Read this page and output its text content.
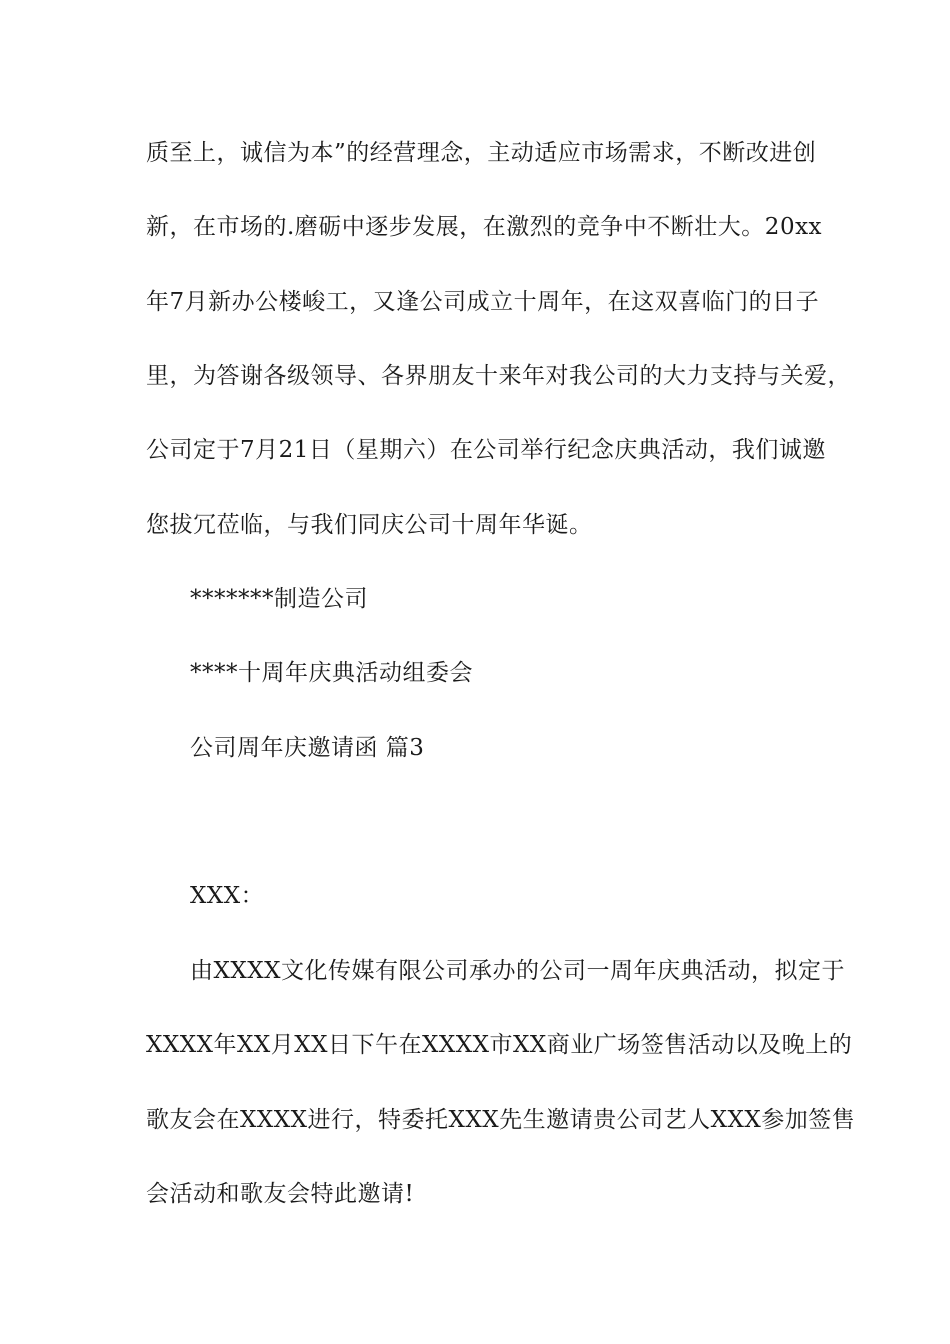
质至上，诚信为本”的经营理念，主动适应市场需求，不断改进创
新，在市场的.磨砺中逐步发展，在激烈的竞争中不断壮大。20xx
年7月新办公楼峻工，又逢公司成立十周年，在这双喜临门的日子
里，为答谢各级领导、各界朋友十来年对我公司的大力支持与关爱，
公司定于7月21日（星期六）在公司举行纪念庆典活动，我们诚邀
您拔冗莅临，与我们同庆公司十周年华诞。
*******制造公司
****十周年庆典活动组委会
公司周年庆邀请函 篇3
XXX：
由XXXX文化传媒有限公司承办的公司一周年庆典活动，拟定于
XXXX年XX月XX日下午在XXXX市XX商业广场签售活动以及晚上的
歌友会在XXXX进行，特委托XXX先生邀请贵公司艺人XXX参加签售
会活动和歌友会特此邀请!
